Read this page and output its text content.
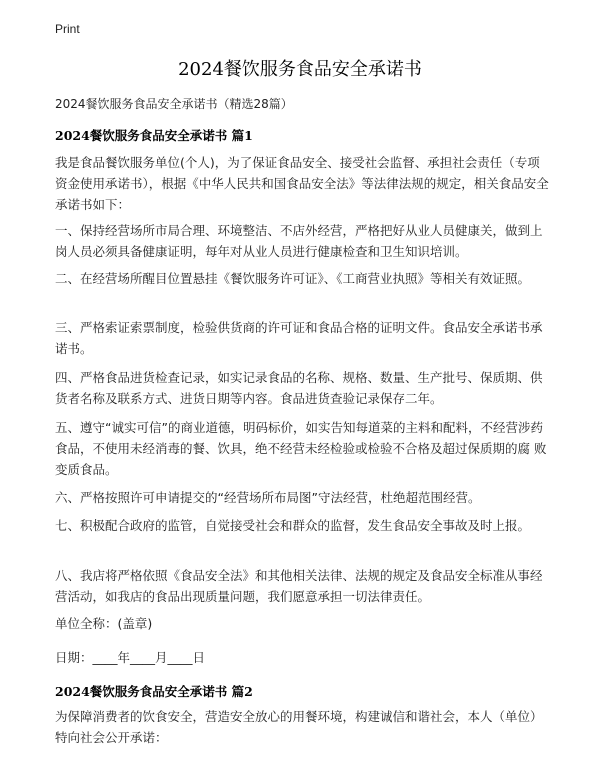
Print
2024餐饮服务食品安全承诺书
2024餐饮服务食品安全承诺书（精选28篇）
2024餐饮服务食品安全承诺书 篇1
我是食品餐饮服务单位(个人)，为了保证食品安全、接受社会监督、承担社会责任（专项资金使用承诺书），根据《中华人民共和国食品安全法》等法律法规的规定，相关食品安全承诺书如下：
一、保持经营场所市局合理、环境整洁、不店外经营，严格把好从业人员健康关，做到上岗人员必须具备健康证明，每年对从业人员进行健康检查和卫生知识培训。
二、在经营场所醒目位置悬挂《餐饮服务许可证》、《工商营业执照》等相关有效证照。
三、严格索证索票制度，检验供货商的许可证和食品合格的证明文件。食品安全承诺书承诺书。
四、严格食品进货检查记录，如实记录食品的名称、规格、数量、生产批号、保质期、供货者名称及联系方式、进货日期等内容。食品进货查验记录保存二年。
五、遵守“诚实可信”的商业道德，明码标价，如实告知每道菜的主料和配料，不经营涉药食品，不使用未经消毒的餐、饮具，绝不经营未经检验或检验不合格及超过保质期的腐 败变质食品。
六、严格按照许可申请提交的“经营场所布局图”守法经营，杜绝超范围经营。
七、积极配合政府的监管，自觉接受社会和群众的监督，发生食品安全事故及时上报。
八、我店将严格依照《食品安全法》和其他相关法律、法规的规定及食品安全标准从事经营活动，如我店的食品出现质量问题，我们愿意承担一切法律责任。
单位全称：(盖章)
日期：____年____月____日
2024餐饮服务食品安全承诺书 篇2
为保障消费者的饮食安全，营造安全放心的用餐环境，构建诚信和谐社会，本人（单位）特向社会公开承诺：
